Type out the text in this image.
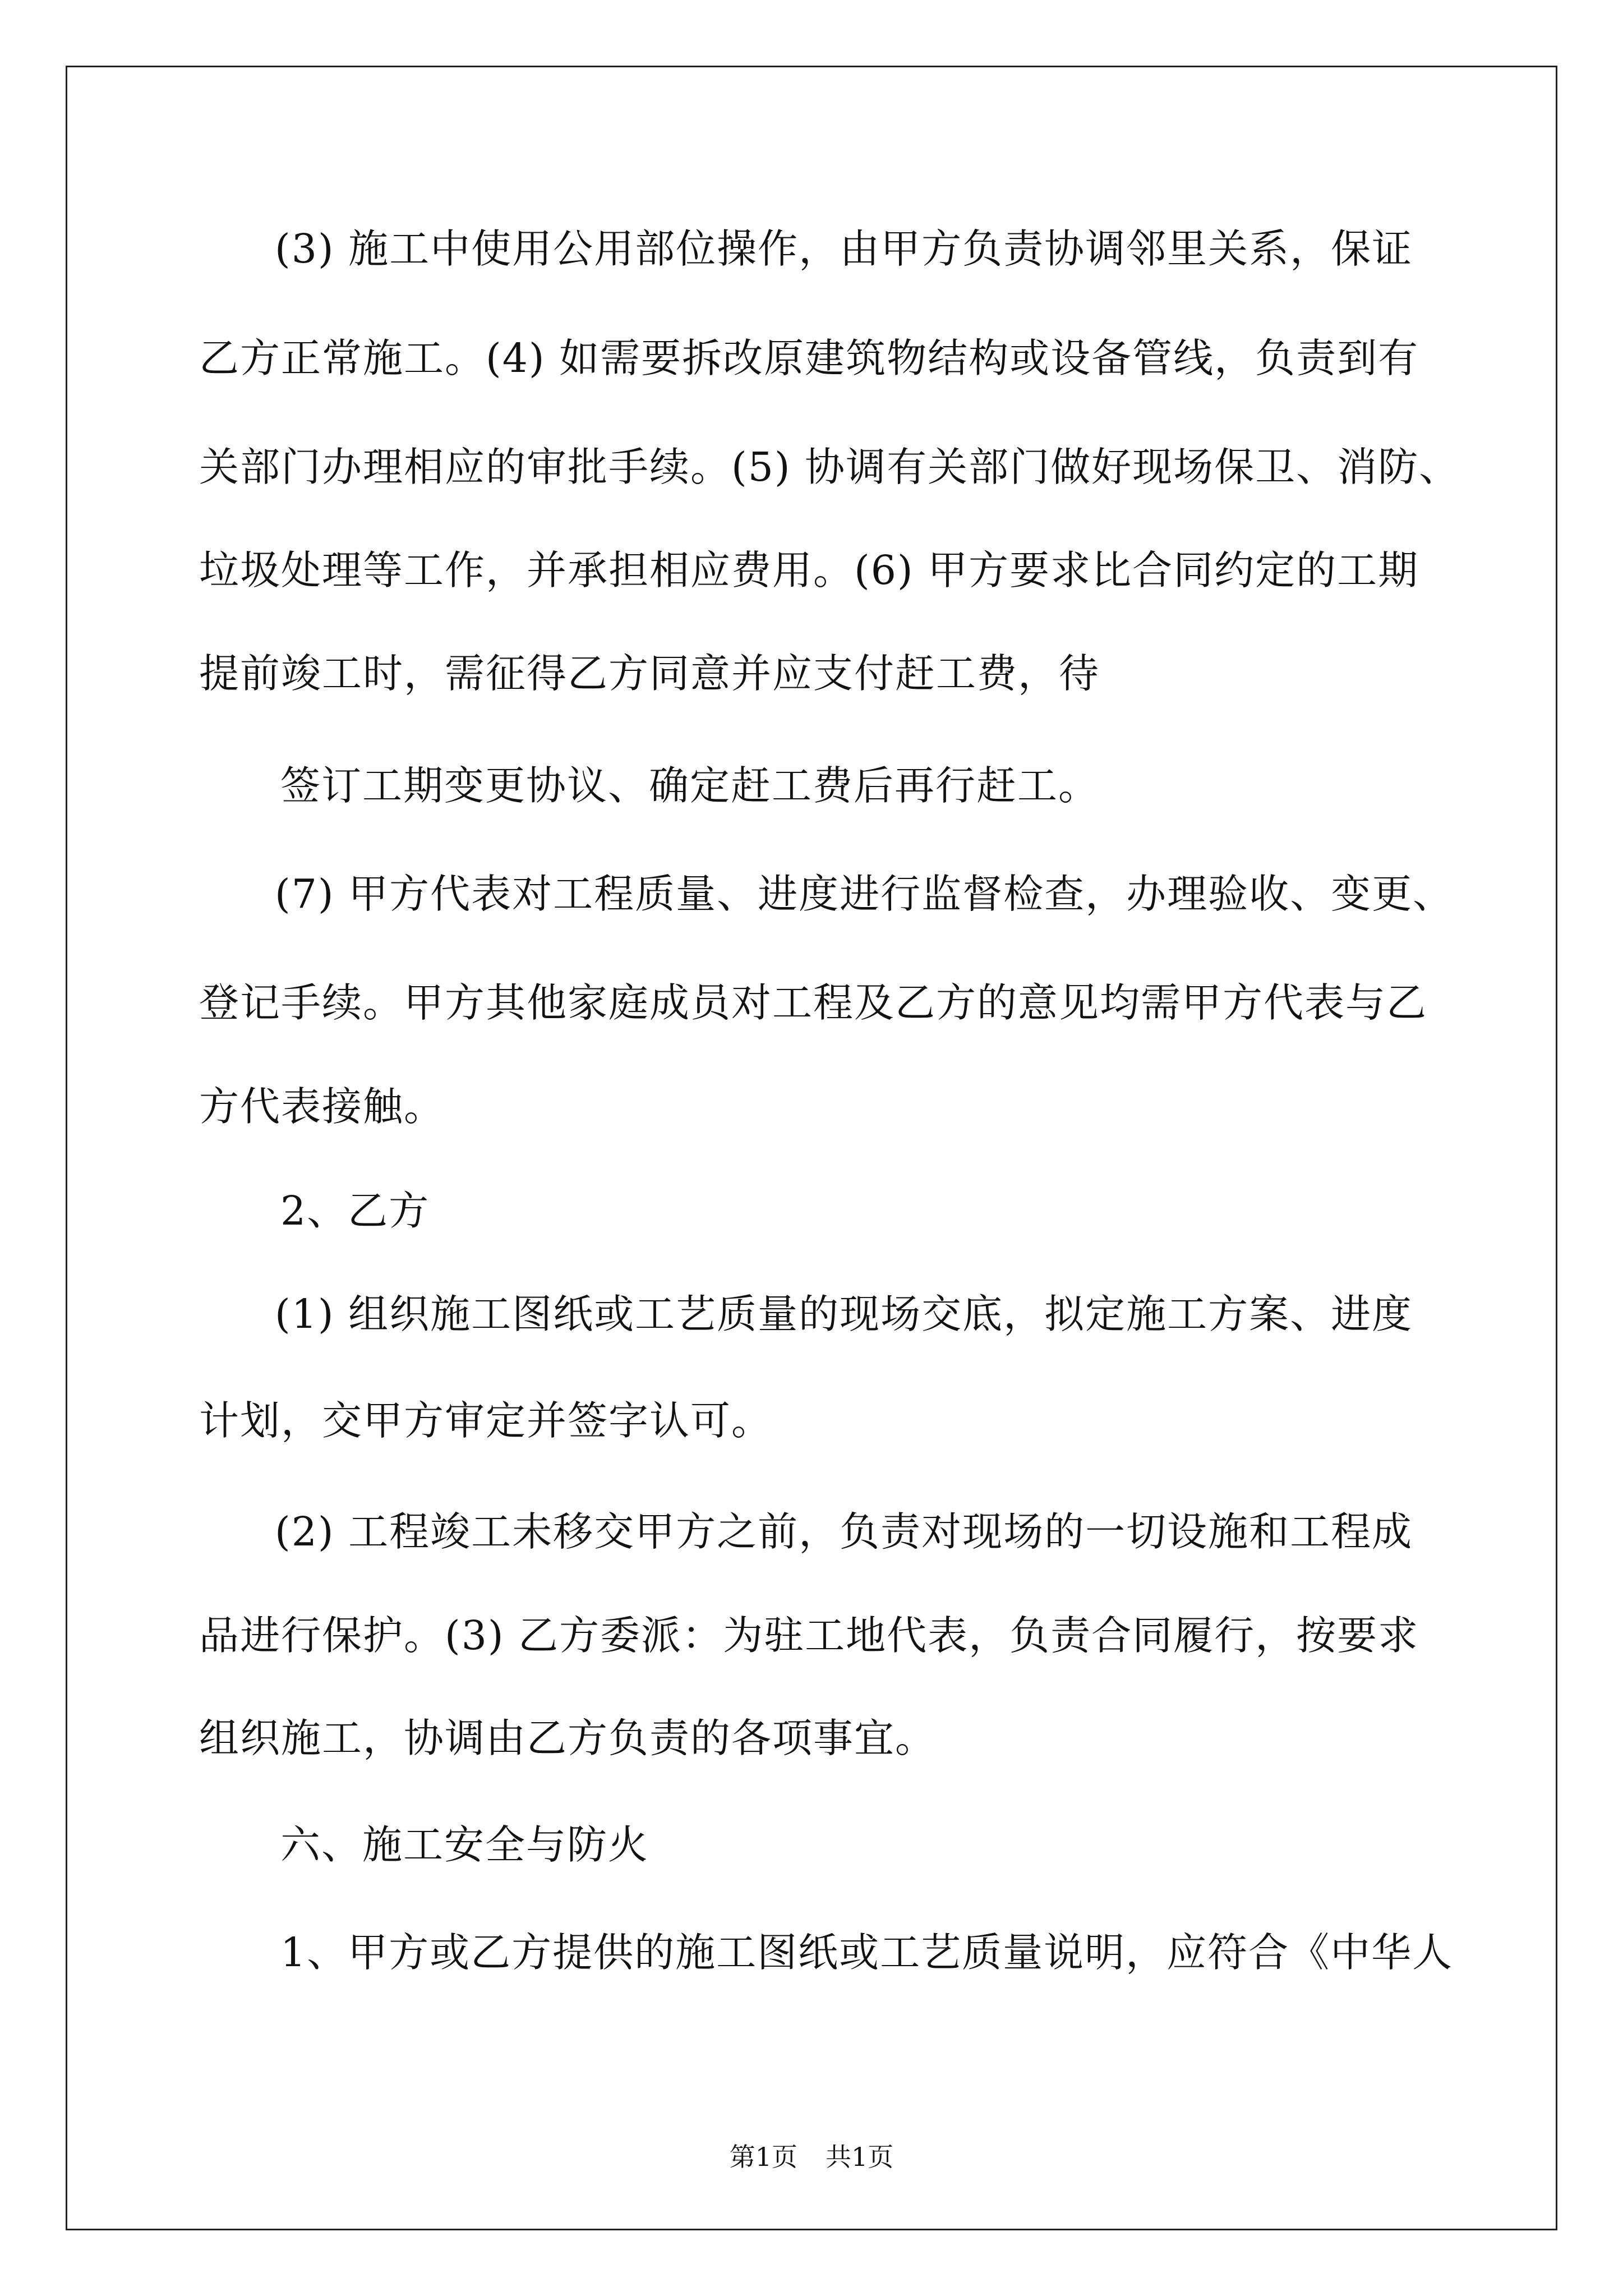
(3) 施工中使用公用部位操作，由甲方负责协调邻里关系，保证
乙方正常施工。(4) 如需要拆改原建筑物结构或设备管线，负责到有
关部门办理相应的审批手续。(5) 协调有关部门做好现场保卫、消防、
垃圾处理等工作，并承担相应费用。(6) 甲方要求比合同约定的工期
提前竣工时，需征得乙方同意并应支付赶工费，待
签订工期变更协议、确定赶工费后再行赶工。
(7) 甲方代表对工程质量、进度进行监督检查，办理验收、变更、
登记手续。甲方其他家庭成员对工程及乙方的意见均需甲方代表与乙
方代表接触。
2、乙方
(1) 组织施工图纸或工艺质量的现场交底，拟定施工方案、进度
计划，交甲方审定并签字认可。
(2) 工程竣工未移交甲方之前，负责对现场的一切设施和工程成
品进行保护。(3) 乙方委派：为驻工地代表，负责合同履行，按要求
组织施工，协调由乙方负责的各项事宜。
六、施工安全与防火
1、甲方或乙方提供的施工图纸或工艺质量说明，应符合《中华人
第1页 共1页
